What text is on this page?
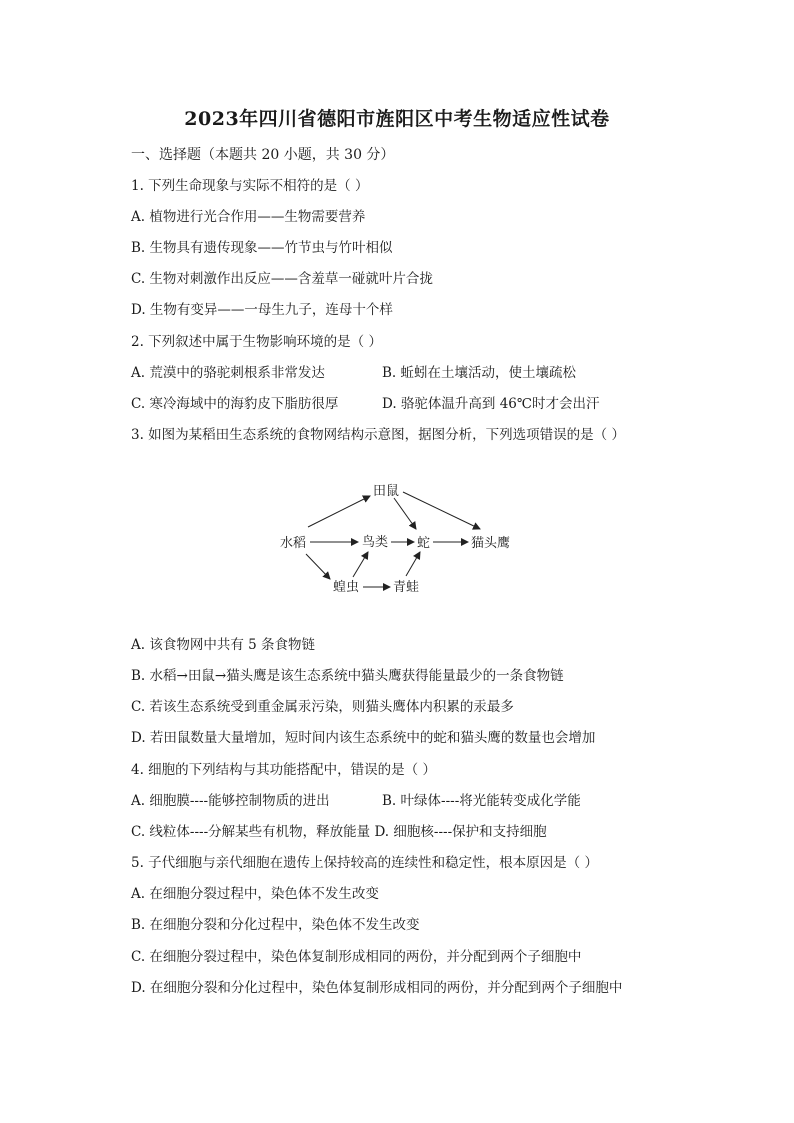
2023年四川省德阳市旌阳区中考生物适应性试卷
一、选择题（本题共 20 小题，共 30 分）
1. 下列生命现象与实际不相符的是（ ）
A. 植物进行光合作用——生物需要营养
B. 生物具有遗传现象——竹节虫与竹叶相似
C. 生物对刺激作出反应——含羞草一碰就叶片合拢
D. 生物有变异——一母生九子，连母十个样
2. 下列叙述中属于生物影响环境的是（ ）
A. 荒漠中的骆驼刺根系非常发达	B. 蚯蚓在土壤活动，使土壤疏松
C. 寒冷海域中的海豹皮下脂肪很厚	D. 骆驼体温升高到 46℃时才会出汗
3. 如图为某稻田生态系统的食物网结构示意图，据图分析，下列选项错误的是（ ）
水稻
田鼠
鸟类 蛇	猫头鹰
蝗虫	青蛙
A. 该食物网中共有 5 条食物链
B. 水稻→田鼠→猫头鹰是该生态系统中猫头鹰获得能量最少的一条食物链
C. 若该生态系统受到重金属汞污染，则猫头鹰体内积累的汞最多
D. 若田鼠数量大量增加，短时间内该生态系统中的蛇和猫头鹰的数量也会增加
4. 细胞的下列结构与其功能搭配中，错误的是（ ）
A. 细胞膜----能够控制物质的进出	B. 叶绿体----将光能转变成化学能
C. 线粒体----分解某些有机物，释放能量 D. 细胞核----保护和支持细胞
5. 子代细胞与亲代细胞在遗传上保持较高的连续性和稳定性，根本原因是（ ）
A. 在细胞分裂过程中，染色体不发生改变
B. 在细胞分裂和分化过程中，染色体不发生改变
C. 在细胞分裂过程中，染色体复制形成相同的两份，并分配到两个子细胞中
D. 在细胞分裂和分化过程中，染色体复制形成相同的两份，并分配到两个子细胞中
